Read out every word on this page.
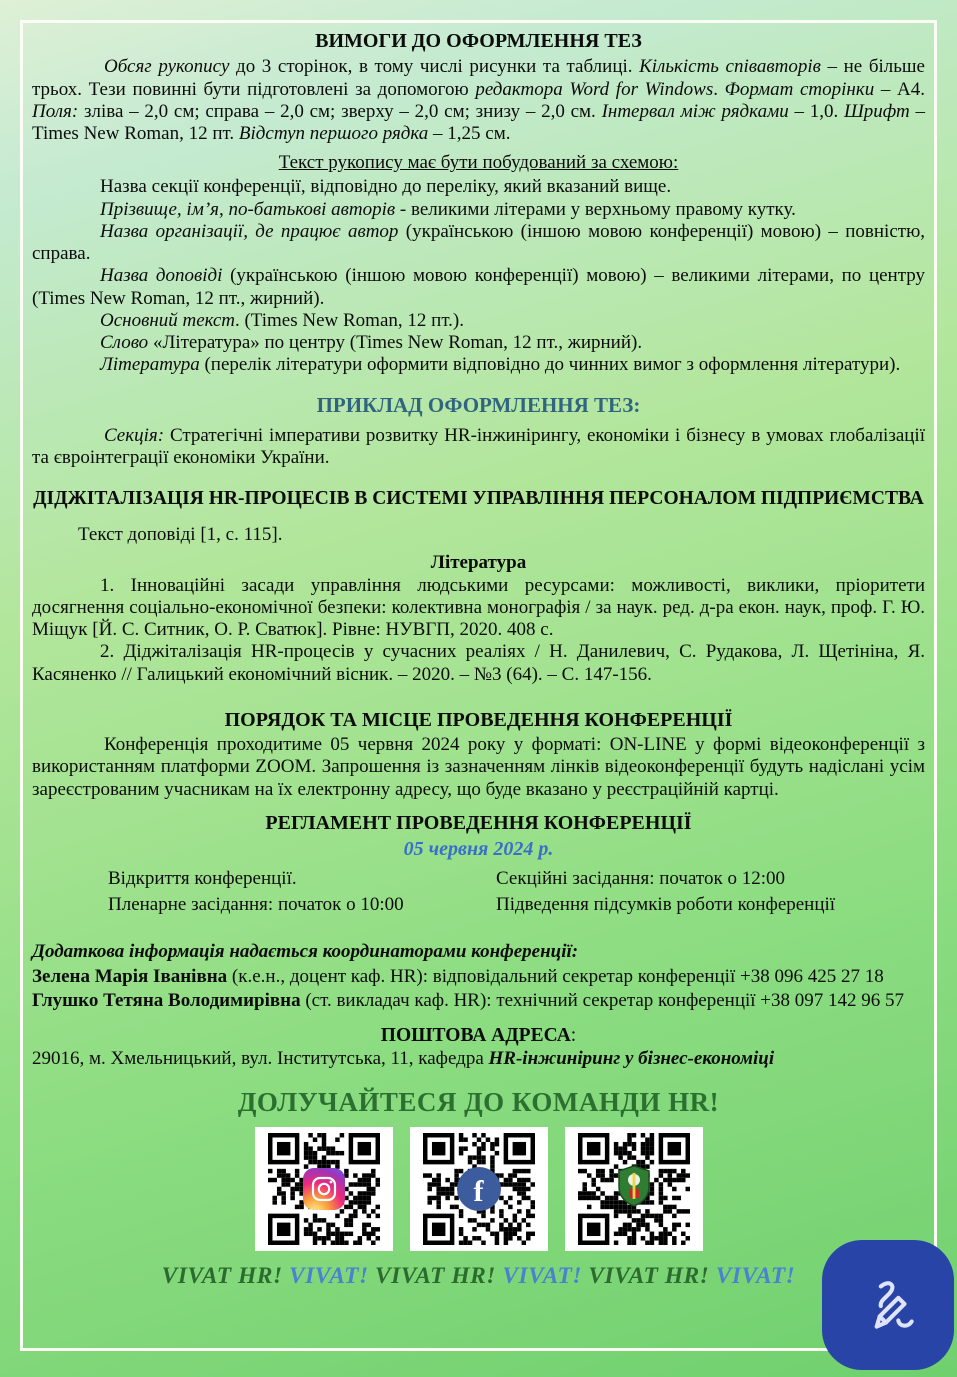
ВИМОГИ ДО ОФОРМЛЕННЯ ТЕЗ

Обсяг рукопису до 3 сторінок, в тому числі рисунки та таблиці. Кількість співавторів – не більше трьох. Тези повинні бути підготовлені за допомогою редактора Word for Windows. Формат сторінки – А4. Поля: зліва – 2,0 см; справа – 2,0 см; зверху – 2,0 см; знизу – 2,0 см. Інтервал між рядками – 1,0. Шрифт – Times New Roman, 12 пт. Відступ першого рядка – 1,25 см.

Текст рукопису має бути побудований за схемою:

Назва секції конференції, відповідно до переліку, який вказаний вище.

Прізвище, ім’я, по-батькові авторів - великими літерами у верхньому правому кутку.

Назва організації, де працює автор (українською (іншою мовою конференції) мовою) – повністю, справа.

Назва доповіді (українською (іншою мовою конференції) мовою) – великими літерами, по центру (Times New Roman, 12 пт., жирний).

Основний текст. (Times New Roman, 12 пт.).

Слово «Література» по центру (Times New Roman, 12 пт., жирний).

Література (перелік літератури оформити відповідно до чинних вимог з оформлення літератури).

ПРИКЛАД ОФОРМЛЕННЯ ТЕЗ:

Секція: Стратегічні імперативи розвитку HR-інжинірингу, економіки і бізнесу в умовах глобалізації та євроінтеграції економіки України.

ДІДЖІТАЛІЗАЦІЯ HR-ПРОЦЕСІВ В СИСТЕМІ УПРАВЛІННЯ ПЕРСОНАЛОМ ПІДПРИЄМСТВА

Текст доповіді [1, с. 115].

Література

1. Інноваційні засади управління людськими ресурсами: можливості, виклики, пріоритети досягнення соціально-економічної безпеки: колективна монографія / за наук. ред. д-ра екон. наук, проф. Г. Ю. Міщук [Й. С. Ситник, О. Р. Сватюк]. Рівне: НУВГП, 2020. 408 с.

2. Діджіталізація HR-процесів у сучасних реаліях / Н. Данилевич, С. Рудакова, Л. Щетініна, Я. Касяненко // Галицький економічний вісник. – 2020. – №3 (64). – С. 147-156.

ПОРЯДОК ТА МІСЦЕ ПРОВЕДЕННЯ КОНФЕРЕНЦІЇ

Конференція проходитиме 05 червня 2024 року у форматі: ON-LINE у формі відеоконференції з використанням платформи ZOOM. Запрошення із зазначенням лінків відеоконференції будуть надіслані усім зареєстрованим учасникам на їх електронну адресу, що буде вказано у реєстраційній картці.

РЕГЛАМЕНТ ПРОВЕДЕННЯ КОНФЕРЕНЦІЇ

05 червня 2024 р.

Відкриття конференції.	Секційні засідання: початок о 12:00
Пленарне засідання: початок о 10:00	Підведення підсумків роботи конференції
Додаткова інформація надається координаторами конференції:
Зелена Марія Іванівна (к.е.н., доцент каф. HR): відповідальний секретар конференції +38 096 425 27 18
Глушко Тетяна Володимирівна (ст. викладач каф. HR): технічний секретар конференції +38 097 142 96 57

ПОШТОВА АДРЕСА:

29016, м. Хмельницький, вул. Інститутська, 11, кафедра HR-інжиніринг у бізнес-економіці

ДОЛУЧАЙТЕСЯ ДО КОМАНДИ HR!
f

VIVAT HR! VIVAT! VIVAT HR! VIVAT! VIVAT HR! VIVAT!
